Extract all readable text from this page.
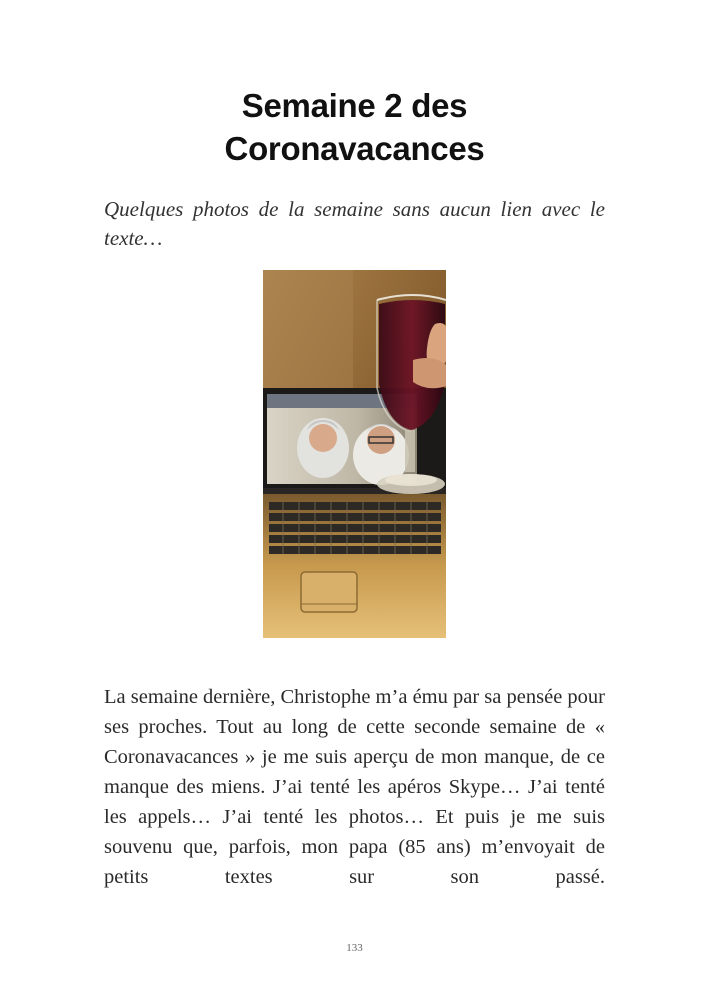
Semaine 2 des
Coronavacances

Quelques photos de la semaine sans aucun lien avec le texte…

La semaine dernière, Christophe m’a ému par sa pensée pour ses proches. Tout au long de cette seconde semaine de « Coronavacances » je me suis aperçu de mon manque, de ce manque des miens. J’ai tenté les apéros Skype… J’ai tenté les appels… J’ai tenté les photos… Et puis je me suis souvenu que, parfois, mon papa (85 ans) m’envoyait de petits textes sur son passé.

133
